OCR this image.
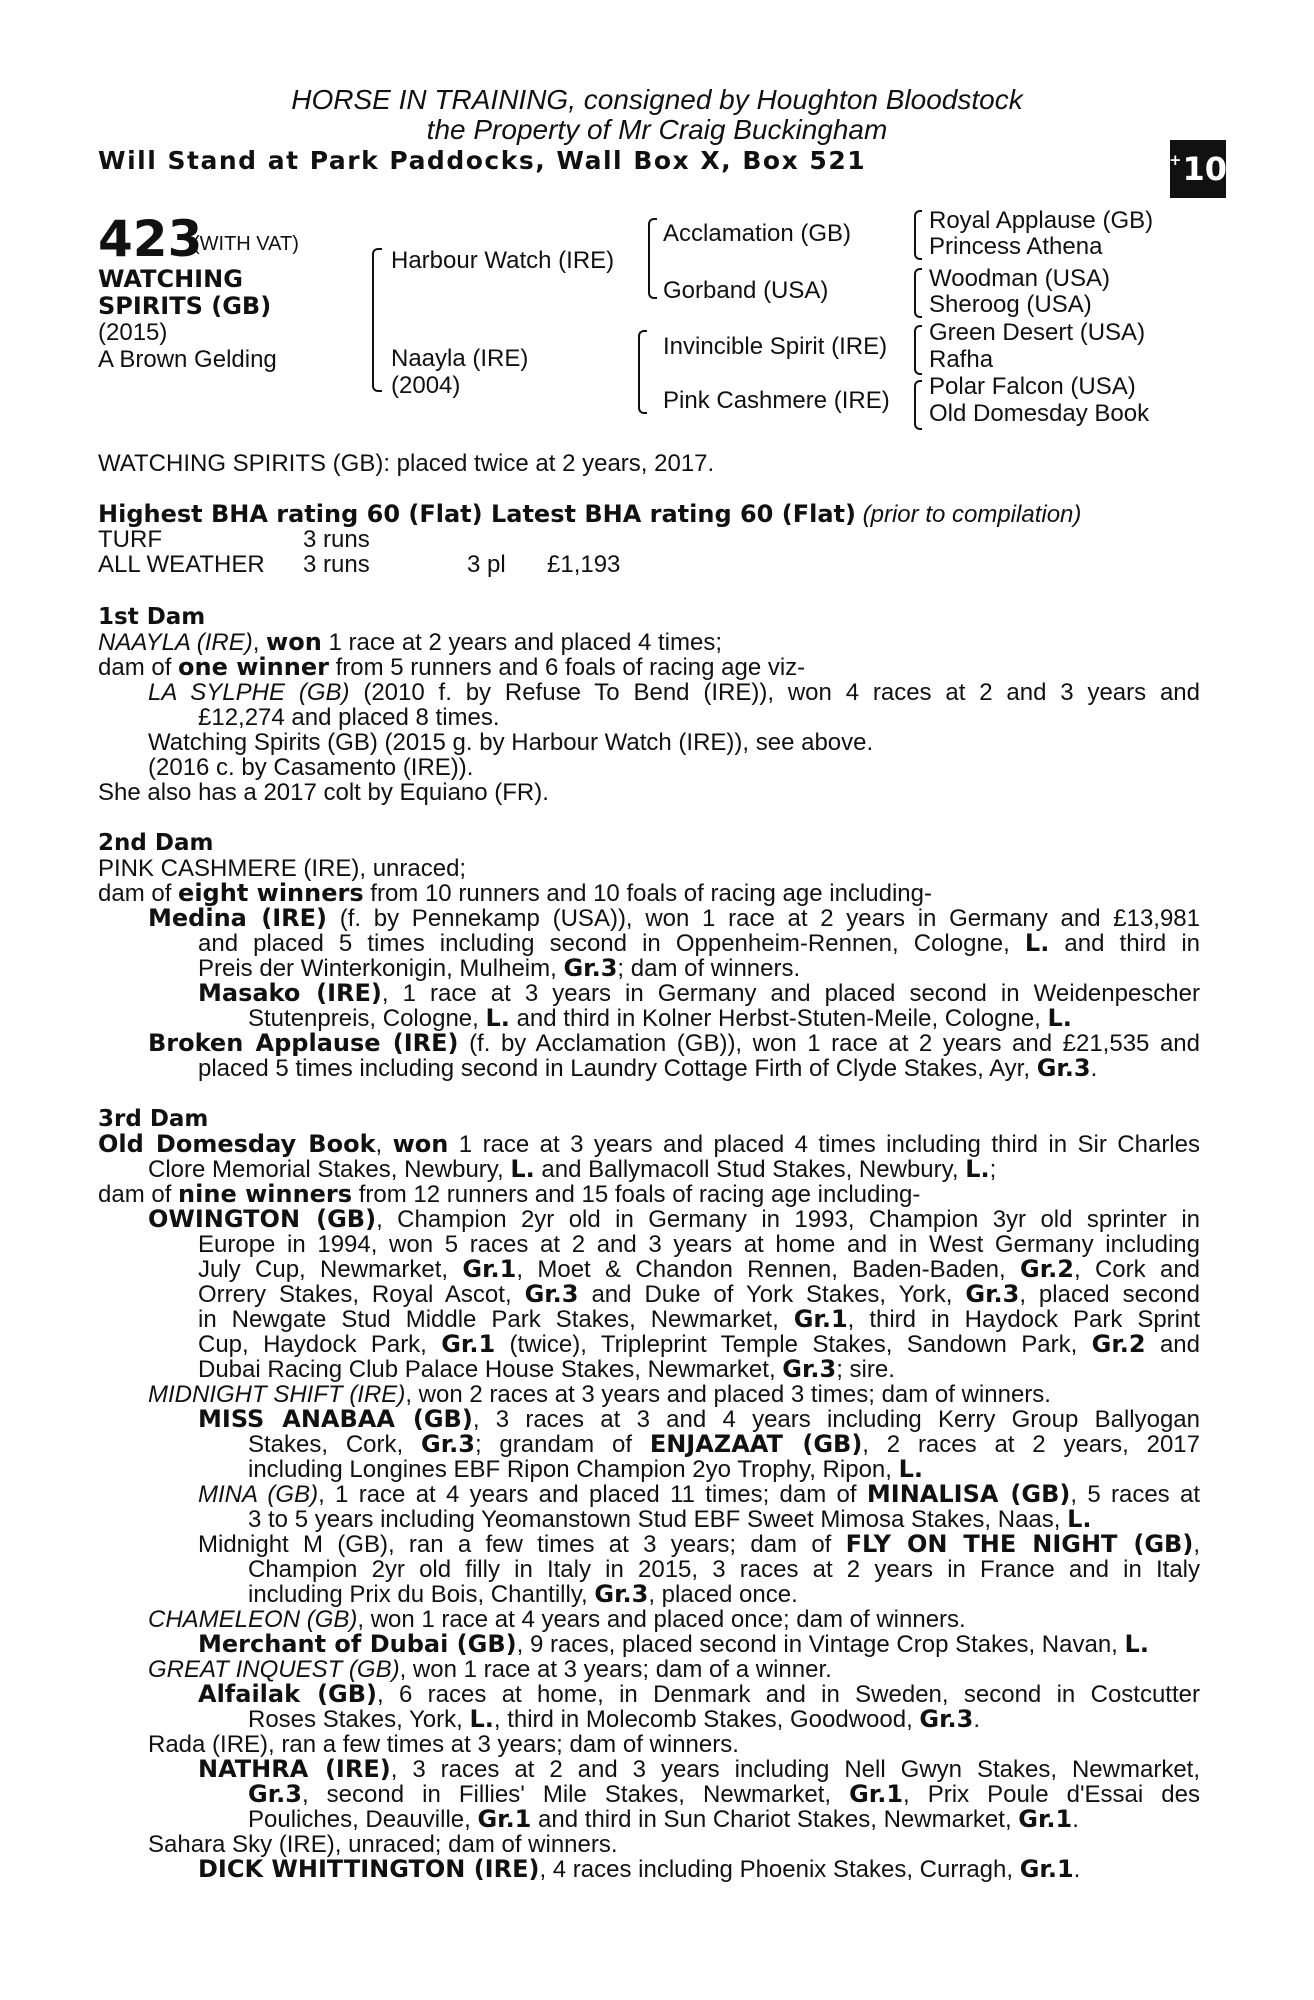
HORSE IN TRAINING, consigned by Houghton Bloodstock
the Property of Mr Craig Buckingham
Will Stand at Park Paddocks, Wall Box X, Box 521	+ 10
423
(WITH VAT)
WATCHING
SPIRITS (GB)
(2015)
A Brown Gelding
Harbour Watch (IRE)
Naayla (IRE)
(2004)
Acclamation (GB)
Gorband (USA)
Invincible Spirit (IRE)
Pink Cashmere (IRE)
Royal Applause (GB)
Princess Athena
Woodman (USA)
Sheroog (USA)
Green Desert (USA)
Rafha
Polar Falcon (USA)
Old Domesday Book
WATCHING SPIRITS (GB): placed twice at 2 years, 2017.
Highest BHA rating 60 (Flat) Latest BHA rating 60 (Flat) (prior to compilation)
TURF	3 runs
ALL WEATHER 3 runs	3 pl £1,193
1st Dam
NAAYLA (IRE), won 1 race at 2 years and placed 4 times;
dam of one winner from 5 runners and 6 foals of racing age viz-
LA SYLPHE (GB) (2010 f. by Refuse To Bend (IRE)), won 4 races at 2 and 3 years and
£12,274 and placed 8 times.
Watching Spirits (GB) (2015 g. by Harbour Watch (IRE)), see above.
(2016 c. by Casamento (IRE)).
She also has a 2017 colt by Equiano (FR).
2nd Dam
PINK CASHMERE (IRE), unraced;
dam of eight winners from 10 runners and 10 foals of racing age including-
Medina (IRE) (f. by Pennekamp (USA)), won 1 race at 2 years in Germany and £13,981
and placed 5 times including second in Oppenheim-Rennen, Cologne, L. and third in
Preis der Winterkonigin, Mulheim, Gr.3; dam of winners.
Masako (IRE), 1 race at 3 years in Germany and placed second in Weidenpescher
Stutenpreis, Cologne, L. and third in Kolner Herbst-Stuten-Meile, Cologne, L.
Broken Applause (IRE) (f. by Acclamation (GB)), won 1 race at 2 years and £21,535 and
placed 5 times including second in Laundry Cottage Firth of Clyde Stakes, Ayr, Gr.3.
3rd Dam
Old Domesday Book, won 1 race at 3 years and placed 4 times including third in Sir Charles
Clore Memorial Stakes, Newbury, L. and Ballymacoll Stud Stakes, Newbury, L.;
dam of nine winners from 12 runners and 15 foals of racing age including-
OWINGTON (GB), Champion 2yr old in Germany in 1993, Champion 3yr old sprinter in
Europe in 1994, won 5 races at 2 and 3 years at home and in West Germany including
July Cup, Newmarket, Gr.1, Moet & Chandon Rennen, Baden-Baden, Gr.2, Cork and
Orrery Stakes, Royal Ascot, Gr.3 and Duke of York Stakes, York, Gr.3, placed second
in Newgate Stud Middle Park Stakes, Newmarket, Gr.1, third in Haydock Park Sprint
Cup, Haydock Park, Gr.1 (twice), Tripleprint Temple Stakes, Sandown Park, Gr.2 and
Dubai Racing Club Palace House Stakes, Newmarket, Gr.3; sire.
MIDNIGHT SHIFT (IRE), won 2 races at 3 years and placed 3 times; dam of winners.
MISS ANABAA (GB), 3 races at 3 and 4 years including Kerry Group Ballyogan
Stakes, Cork, Gr.3; grandam of ENJAZAAT (GB), 2 races at 2 years, 2017
including Longines EBF Ripon Champion 2yo Trophy, Ripon, L.
MINA (GB), 1 race at 4 years and placed 11 times; dam of MINALISA (GB), 5 races at
3 to 5 years including Yeomanstown Stud EBF Sweet Mimosa Stakes, Naas, L.
Midnight M (GB), ran a few times at 3 years; dam of FLY ON THE NIGHT (GB),
Champion 2yr old filly in Italy in 2015, 3 races at 2 years in France and in Italy
including Prix du Bois, Chantilly, Gr.3, placed once.
CHAMELEON (GB), won 1 race at 4 years and placed once; dam of winners.
Merchant of Dubai (GB), 9 races, placed second in Vintage Crop Stakes, Navan, L.
GREAT INQUEST (GB), won 1 race at 3 years; dam of a winner.
Alfailak (GB), 6 races at home, in Denmark and in Sweden, second in Costcutter
Roses Stakes, York, L., third in Molecomb Stakes, Goodwood, Gr.3.
Rada (IRE), ran a few times at 3 years; dam of winners.
NATHRA (IRE), 3 races at 2 and 3 years including Nell Gwyn Stakes, Newmarket,
Gr.3, second in Fillies' Mile Stakes, Newmarket, Gr.1, Prix Poule d'Essai des
Pouliches, Deauville, Gr.1 and third in Sun Chariot Stakes, Newmarket, Gr.1.
Sahara Sky (IRE), unraced; dam of winners.
DICK WHITTINGTON (IRE), 4 races including Phoenix Stakes, Curragh, Gr.1.
